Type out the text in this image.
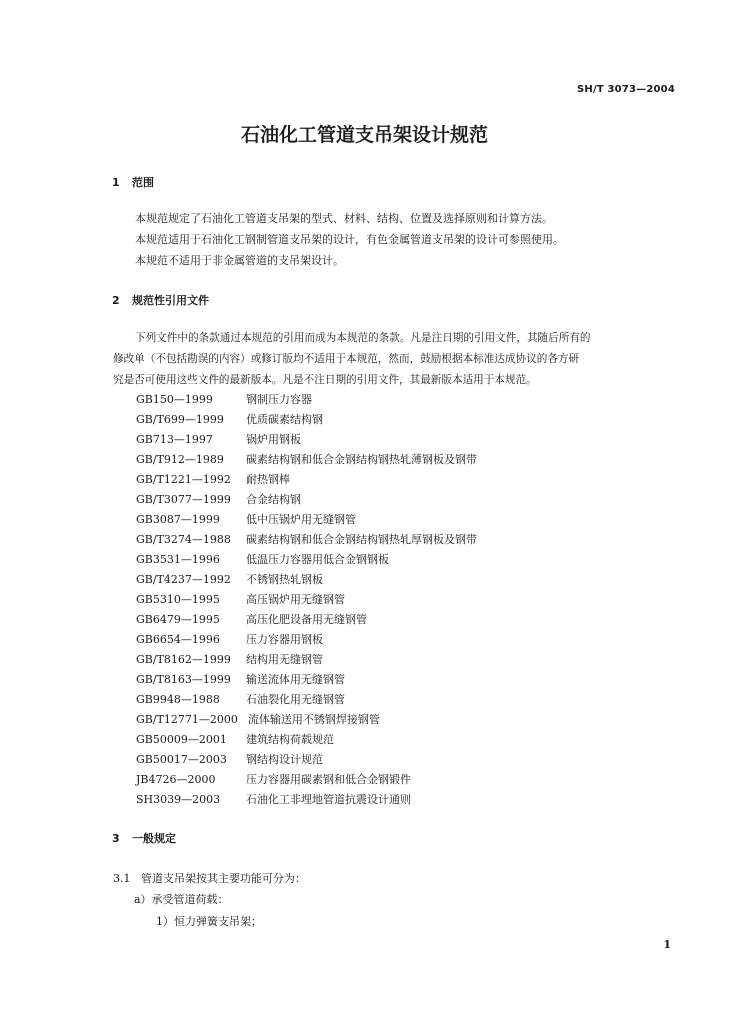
SH/T 3073—2004
石油化工管道支吊架设计规范
1 范围
本规范规定了石油化工管道支吊架的型式、材料、结构、位置及选择原则和计算方法。
本规范适用于石油化工钢制管道支吊架的设计，有色金属管道支吊架的设计可参照使用。
本规范不适用于非金属管道的支吊架设计。
2 规范性引用文件
下列文件中的条款通过本规范的引用而成为本规范的条款。凡是注日期的引用文件，其随后所有的
修改单（不包括勘误的内容）或修订版均不适用于本规范，然而，鼓励根据本标准达成协议的各方研
究是否可使用这些文件的最新版本。凡是不注日期的引用文件，其最新版本适用于本规范。
GB150—1999	钢制压力容器
GB/T699—1999 优质碳素结构钢
GB713—1997	锅炉用钢板
GB/T912—1989 碳素结构钢和低合金钢结构钢热轧薄钢板及钢带
GB/T1221—1992 耐热钢棒
GB/T3077—1999 合金结构钢
GB3087—1999 低中压锅炉用无缝钢管
GB/T3274—1988 碳素结构钢和低合金钢结构钢热轧厚钢板及钢带
GB3531—1996 低温压力容器用低合金钢钢板
GB/T4237—1992 不锈钢热轧钢板
GB5310—1995 高压锅炉用无缝钢管
GB6479—1995 高压化肥设备用无缝钢管
GB6654—1996 压力容器用钢板
GB/T8162—1999 结构用无缝钢管
GB/T8163—1999 输送流体用无缝钢管
GB9948—1988 石油裂化用无缝钢管
GB/T12771—2000 流体输送用不锈钢焊接钢管
GB50009—2001 建筑结构荷载规范
GB50017—2003 钢结构设计规范
JB4726—2000	压力容器用碳素钢和低合金钢锻件
SH3039—2003 石油化工非埋地管道抗震设计通则
3 一般规定
3.1 管道支吊架按其主要功能可分为：
a）承受管道荷载：
1）恒力弹簧支吊架；
1
